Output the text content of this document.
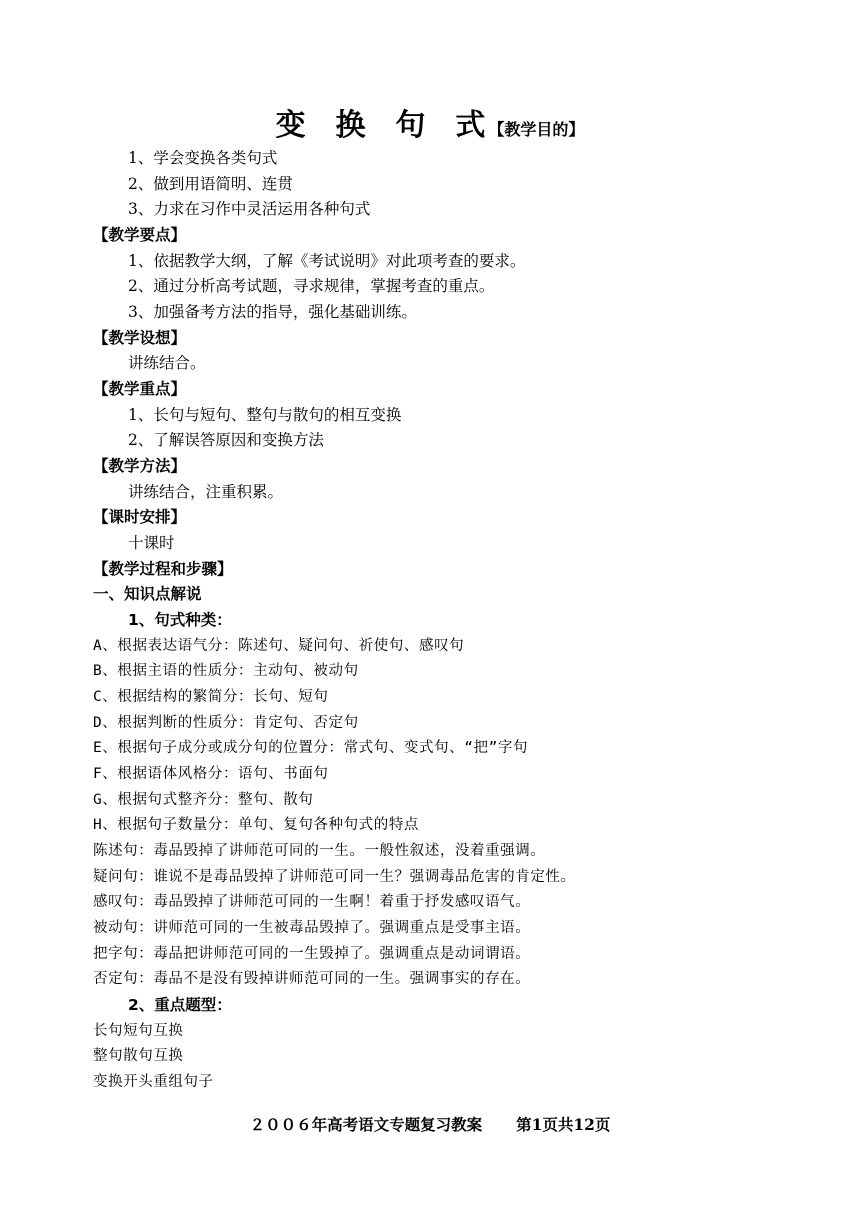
变  换  句  式【教学目的】
1、学会变换各类句式
2、做到用语简明、连贯
3、力求在习作中灵活运用各种句式
【教学要点】
1、依据教学大纲，了解《考试说明》对此项考查的要求。
2、通过分析高考试题，寻求规律，掌握考查的重点。
3、加强备考方法的指导，强化基础训练。
【教学设想】
讲练结合。
【教学重点】
1、长句与短句、整句与散句的相互变换
2、了解误答原因和变换方法
【教学方法】
讲练结合，注重积累。
【课时安排】
十课时
【教学过程和步骤】
一、知识点解说
1、句式种类：
A、根据表达语气分：陈述句、疑问句、祈使句、感叹句
B、根据主语的性质分：主动句、被动句
C、根据结构的繁简分：长句、短句
D、根据判断的性质分：肯定句、否定句
E、根据句子成分或成分句的位置分：常式句、变式句、“把”字句
F、根据语体风格分：语句、书面句
G、根据句式整齐分：整句、散句
H、根据句子数量分：单句、复句各种句式的特点
陈述句：毒品毁掉了讲师范可同的一生。一般性叙述，没着重强调。
疑问句：谁说不是毒品毁掉了讲师范可同一生？强调毒品危害的肯定性。
感叹句：毒品毁掉了讲师范可同的一生啊！着重于抒发感叹语气。
被动句：讲师范可同的一生被毒品毁掉了。强调重点是受事主语。
把字句：毒品把讲师范可同的一生毁掉了。强调重点是动词谓语。
否定句：毒品不是没有毁掉讲师范可同的一生。强调事实的存在。
2、重点题型：
长句短句互换
整句散句互换
变换开头重组句子
２００６年高考语文专题复习教案 第1页共12页
